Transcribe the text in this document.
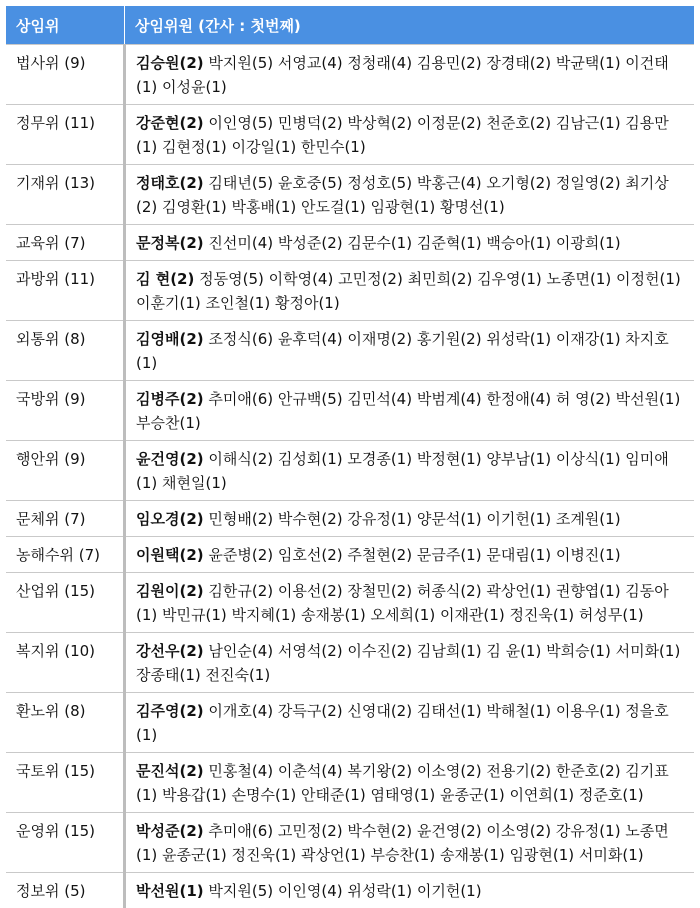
상임위	상임위원 (간사 : 첫번째)
법사위 (9)	김승원(2) 박지원(5) 서영교(4) 정청래(4) 김용민(2) 장경태(2) 박균택(1) 이건태(1) 이성윤(1)
정무위 (11)	강준현(2) 이인영(5) 민병덕(2) 박상혁(2) 이정문(2) 천준호(2) 김남근(1) 김용만(1) 김현정(1) 이강일(1) 한민수(1)
기재위 (13)	정태호(2) 김태년(5) 윤호중(5) 정성호(5) 박홍근(4) 오기형(2) 정일영(2) 최기상(2) 김영환(1) 박홍배(1) 안도걸(1) 임광현(1) 황명선(1)
교육위 (7)	문정복(2) 진선미(4) 박성준(2) 김문수(1) 김준혁(1) 백승아(1) 이광희(1)
과방위 (11)	김 현(2) 정동영(5) 이학영(4) 고민정(2) 최민희(2) 김우영(1) 노종면(1) 이정헌(1) 이훈기(1) 조인철(1) 황정아(1)
외통위 (8)	김영배(2) 조정식(6) 윤후덕(4) 이재명(2) 홍기원(2) 위성락(1) 이재강(1) 차지호(1)
국방위 (9)	김병주(2) 추미애(6) 안규백(5) 김민석(4) 박범계(4) 한정애(4) 허 영(2) 박선원(1) 부승찬(1)
행안위 (9)	윤건영(2) 이해식(2) 김성회(1) 모경종(1) 박정현(1) 양부남(1) 이상식(1) 임미애(1) 채현일(1)
문체위 (7)	임오경(2) 민형배(2) 박수현(2) 강유정(1) 양문석(1) 이기헌(1) 조계원(1)
농해수위 (7)	이원택(2) 윤준병(2) 임호선(2) 주철현(2) 문금주(1) 문대림(1) 이병진(1)
산업위 (15)	김원이(2) 김한규(2) 이용선(2) 장철민(2) 허종식(2) 곽상언(1) 권향엽(1) 김동아(1) 박민규(1) 박지혜(1) 송재봉(1) 오세희(1) 이재관(1) 정진욱(1) 허성무(1)
복지위 (10)	강선우(2) 남인순(4) 서영석(2) 이수진(2) 김남희(1) 김 윤(1) 박희승(1) 서미화(1) 장종태(1) 전진숙(1)
환노위 (8)	김주영(2) 이개호(4) 강득구(2) 신영대(2) 김태선(1) 박해철(1) 이용우(1) 정을호(1)
국토위 (15)	문진석(2) 민홍철(4) 이춘석(4) 복기왕(2) 이소영(2) 전용기(2) 한준호(2) 김기표(1) 박용갑(1) 손명수(1) 안태준(1) 염태영(1) 윤종군(1) 이연희(1) 정준호(1)
운영위 (15)	박성준(2) 추미애(6) 고민정(2) 박수현(2) 윤건영(2) 이소영(2) 강유정(1) 노종면(1) 윤종군(1) 정진욱(1) 곽상언(1) 부승찬(1) 송재봉(1) 임광현(1) 서미화(1)
정보위 (5)	박선원(1) 박지원(5) 이인영(4) 위성락(1) 이기헌(1)
